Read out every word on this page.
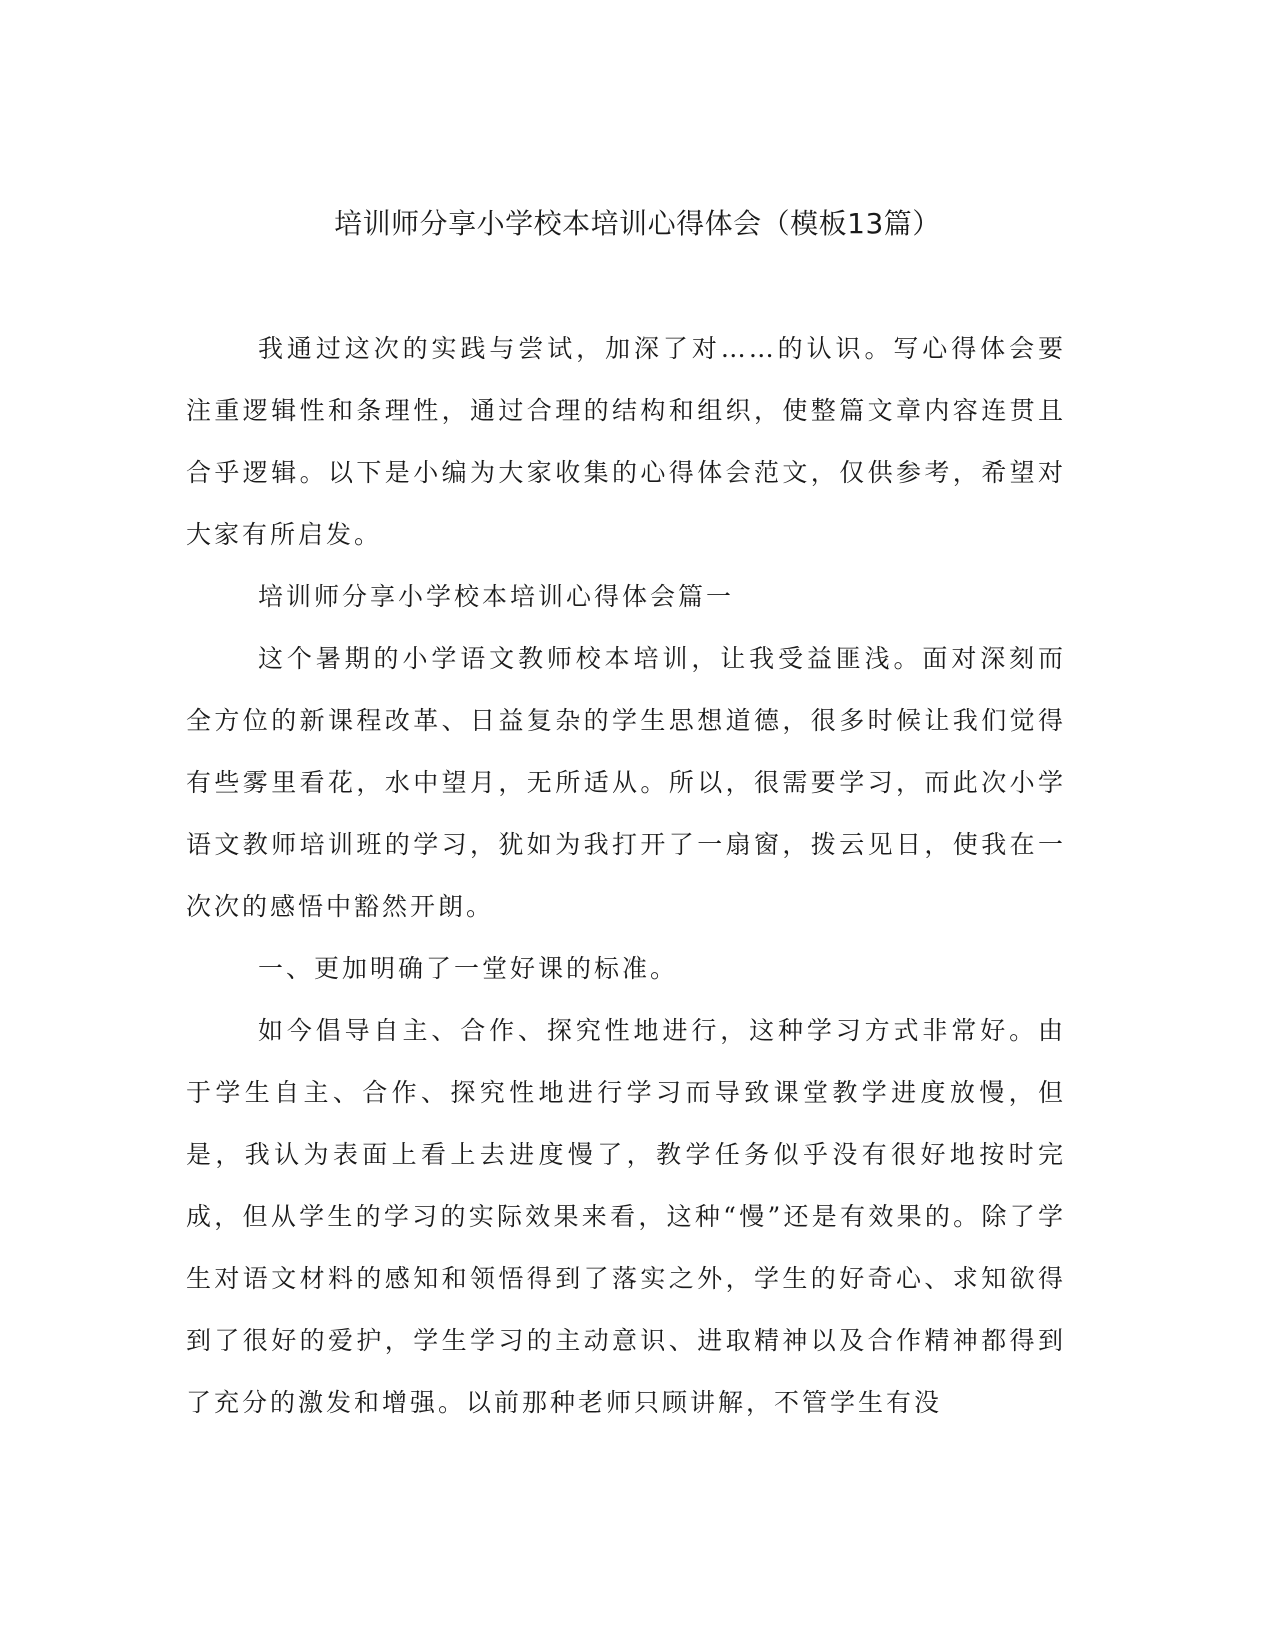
培训师分享小学校本培训心得体会（模板13篇）

我通过这次的实践与尝试，加深了对……的认识。写心得体会要注重逻辑性和条理性，通过合理的结构和组织，使整篇文章内容连贯且合乎逻辑。以下是小编为大家收集的心得体会范文，仅供参考，希望对大家有所启发。

培训师分享小学校本培训心得体会篇一

这个暑期的小学语文教师校本培训，让我受益匪浅。面对深刻而全方位的新课程改革、日益复杂的学生思想道德，很多时候让我们觉得有些雾里看花，水中望月，无所适从。所以，很需要学习，而此次小学语文教师培训班的学习，犹如为我打开了一扇窗，拨云见日，使我在一次次的感悟中豁然开朗。

一、更加明确了一堂好课的标准。

如今倡导自主、合作、探究性地进行，这种学习方式非常好。由于学生自主、合作、探究性地进行学习而导致课堂教学进度放慢，但是，我认为表面上看上去进度慢了，教学任务似乎没有很好地按时完成，但从学生的学习的实际效果来看，这种“慢”还是有效果的。除了学生对语文材料的感知和领悟得到了落实之外，学生的好奇心、求知欲得到了很好的爱护，学生学习的主动意识、进取精神以及合作精神都得到了充分的激发和增强。以前那种老师只顾讲解，不管学生有没
